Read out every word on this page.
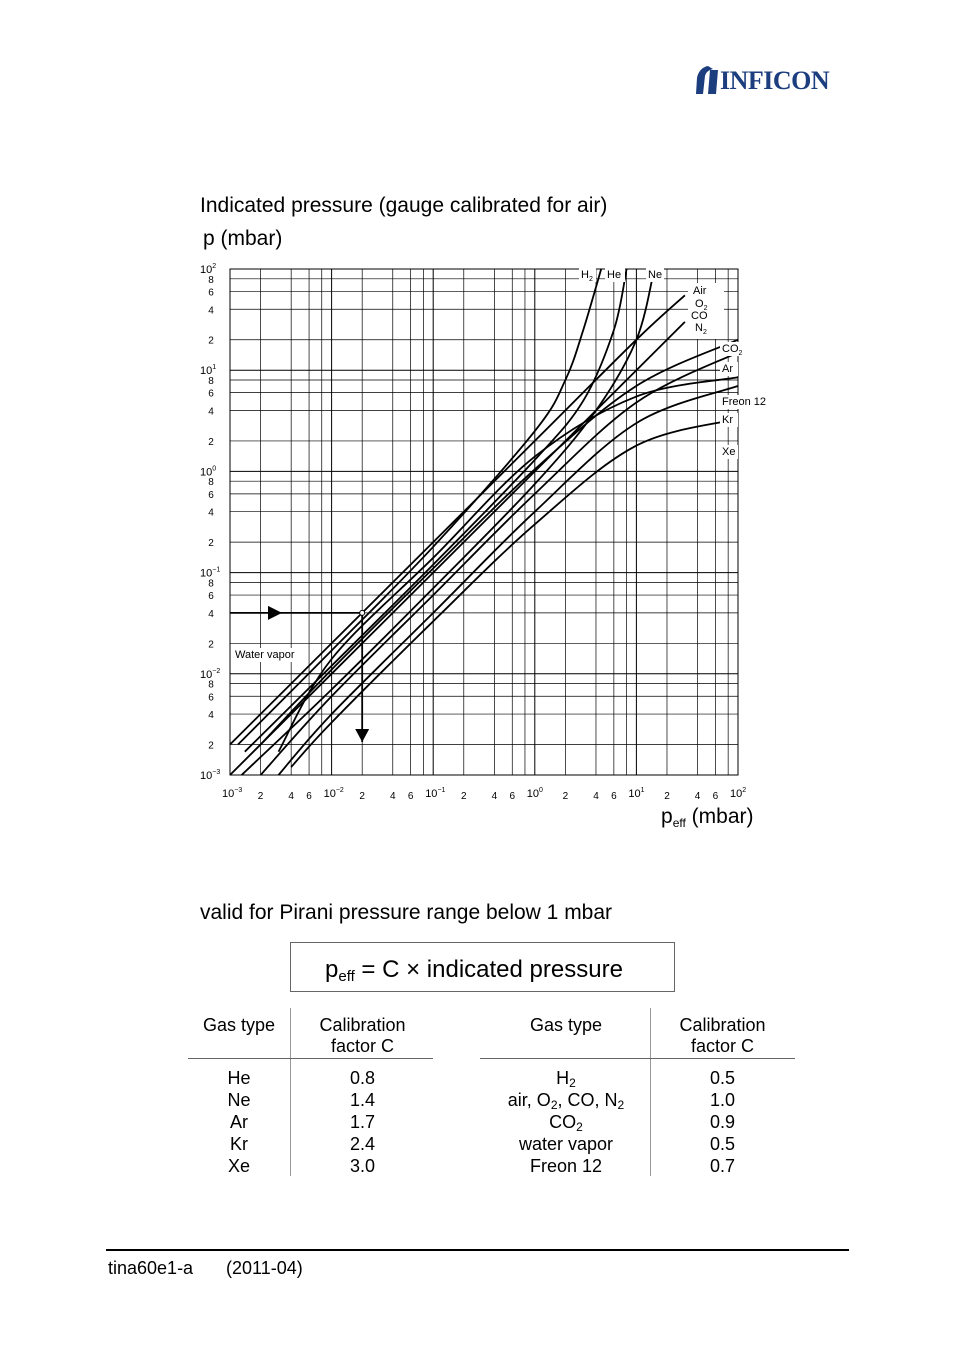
INFICON
Indicated pressure (gauge calibrated for air)
p (mbar)
$10^{-3}$
2
4
6
8
$10^{-2}$
2
4
6
8
$10^{-1}$
2
4
6
8
$10^0$
2
4
6
8
$10^1$
2
4
6
8
$10^2$
$10^{-3}$
2	4 6 $10^{-2}$
2	4 6 $10^{-1}$
2	4 6 $10^0$
2	4 6 $10^1$
2	4 6 $10^2$
$H_2$ He Ne
Air
$O_2$
CO
$N_2$
$CO_2$
Ar
Freon 12
Kr
Xe
Water vapor
$p_{eff}$ (mbar)
valid for Pirani pressure range below 1 mbar
$p_{eff} = C$ × indicated pressure
Gas type	Calibration factor C
He	0.8
Ne	1.4
Ar	1.7
Kr	2.4
Xe	3.0
Gas type	Calibration factor C
$H_2$	0.5
air, $O_2$, CO, $N_2$	1.0
$CO_2$	0.9
water vapor	0.5
Freon 12	0.7
tina60e1-a (2011-04)
